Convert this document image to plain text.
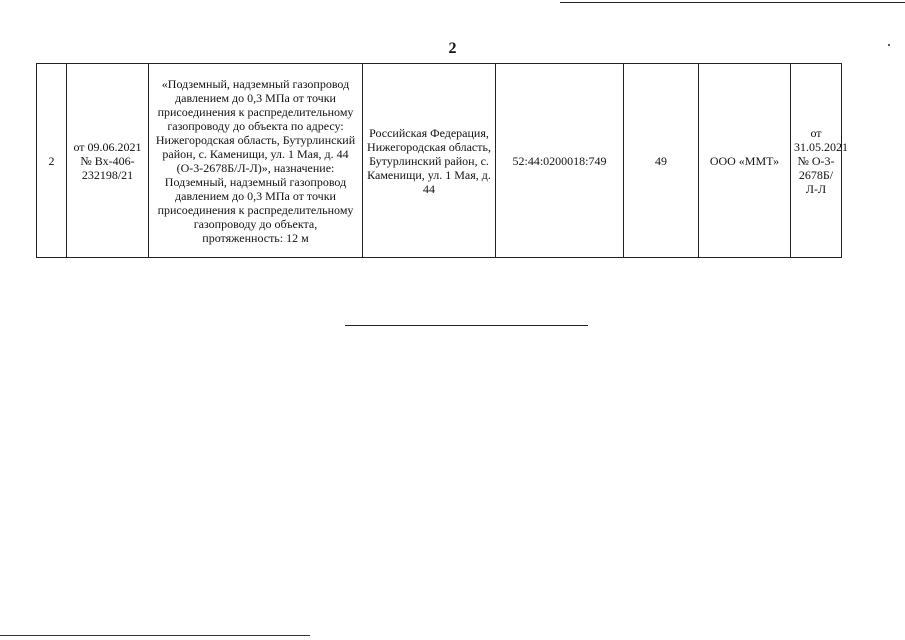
2
2	от 09.06.2021 № Вх-406-232198/21	«Подземный, надземный газопровод давлением до 0,3 МПа от точки присоединения к распределительному газопроводу до объекта по адресу: Нижегородская область, Бутурлинский район, с. Каменищи, ул. 1 Мая, д. 44 (О-3-2678Б/Л-Л)», назначение: Подземный, надземный газопровод давлением до 0,3 МПа от точки присоединения к распределительному газопроводу до объекта, протяженность: 12 м	Российская Федерация, Нижегородская область, Бутурлинский район, с. Каменищи, ул. 1 Мая, д. 44	52:44:0200018:749	49	ООО «ММТ»	от 31.05.2021 № О-3-2678Б/Л-Л
